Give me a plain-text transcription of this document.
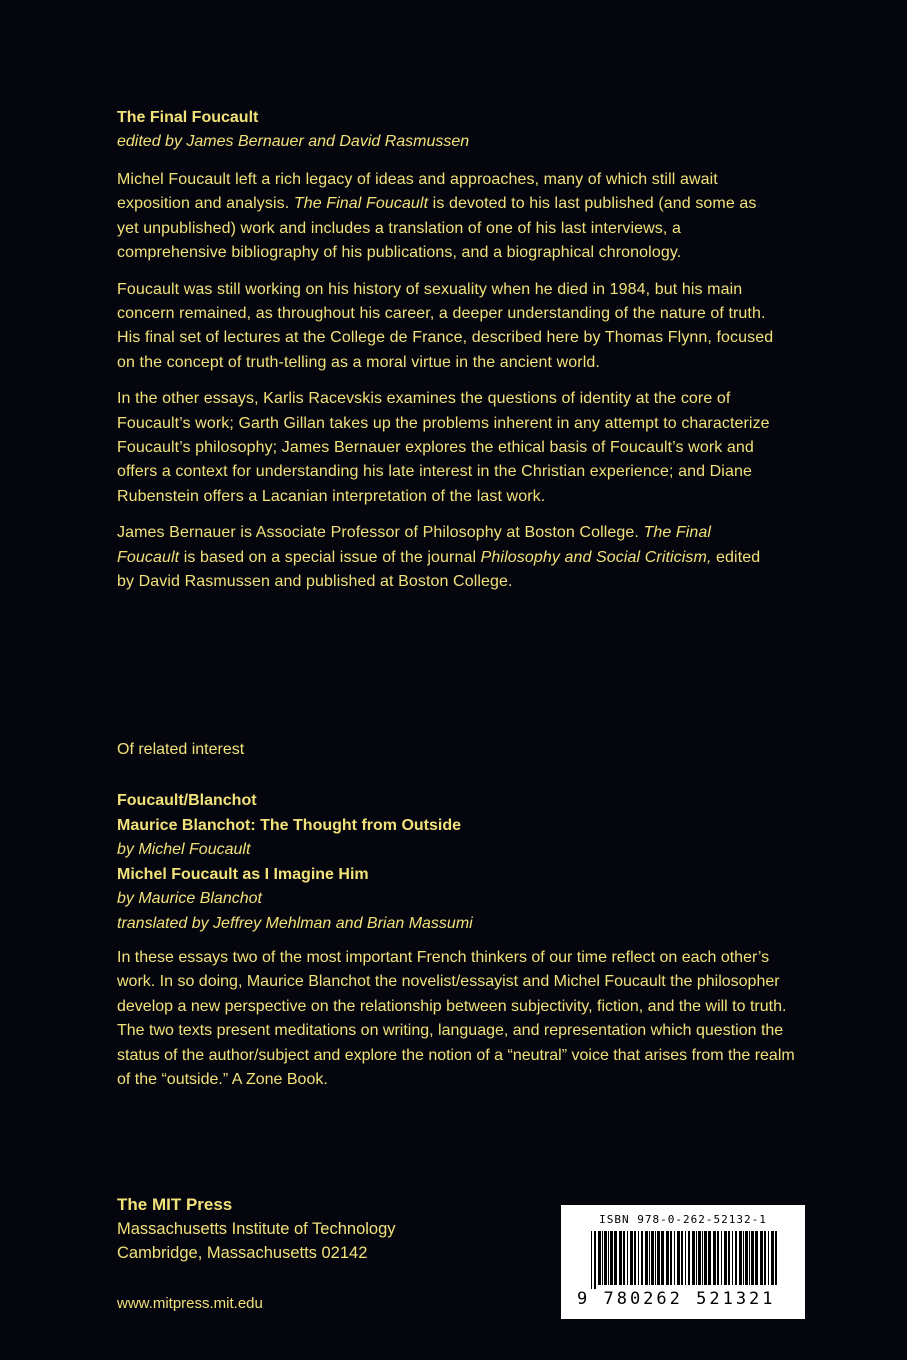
The Final Foucault

edited by James Bernauer and David Rasmussen

Michel Foucault left a rich legacy of ideas and approaches, many of which still await exposition and analysis. The Final Foucault is devoted to his last published (and some as yet unpublished) work and includes a translation of one of his last interviews, a comprehensive bibliography of his publications, and a biographical chronology.

Foucault was still working on his history of sexuality when he died in 1984, but his main concern remained, as throughout his career, a deeper understanding of the nature of truth. His final set of lectures at the College de France, described here by Thomas Flynn, focused on the concept of truth-telling as a moral virtue in the ancient world.

In the other essays, Karlis Racevskis examines the questions of identity at the core of Foucault’s work; Garth Gillan takes up the problems inherent in any attempt to characterize Foucault’s philosophy; James Bernauer explores the ethical basis of Foucault’s work and offers a context for understanding his late interest in the Christian experience; and Diane Rubenstein offers a Lacanian interpretation of the last work.

James Bernauer is Associate Professor of Philosophy at Boston College. The Final Foucault is based on a special issue of the journal Philosophy and Social Criticism, edited by David Rasmussen and published at Boston College.

Of related interest
Foucault/Blanchot
Maurice Blanchot: The Thought from Outside
by Michel Foucault
Michel Foucault as I Imagine Him
by Maurice Blanchot
translated by Jeffrey Mehlman and Brian Massumi
In these essays two of the most important French thinkers of our time reflect on each other’s work. In so doing, Maurice Blanchot the novelist/essayist and Michel Foucault the philosopher develop a new perspective on the relationship between subjectivity, fiction, and the will to truth. The two texts present meditations on writing, language, and representation which question the status of the author/subject and explore the notion of a “neutral” voice that arises from the realm of the “outside.” A Zone Book.
The MIT Press
Massachusetts Institute of Technology
Cambridge, Massachusetts 02142
www.mitpress.mit.edu
ISBN 978-0-262-52132-1
9 780262 521321
